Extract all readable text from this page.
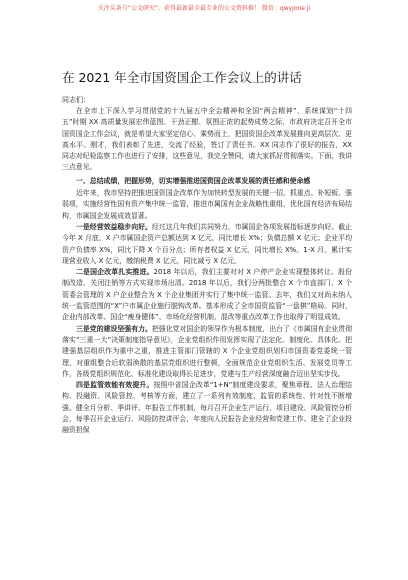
关注头条号“公文研究”，获得最新最全最专业的公文资料推！ 微信：qwyjone.ji
在 2021 年全市国资国企工作会议上的讲话
同志们：

在全市上下深入学习贯彻党的十九届五中全会精神和全国“两会精神”，系统谋划“十四五”时期 XX 高质量发展宏伟蓝图、干劲正酣、氛围正浓的起势成势之际，市政府决定召开全市国资国企工作会议，就是希望大家坚定信心、乘势而上，把国资国企改革发展推向更高层次、更高水平。刚才，我们表彰了先进，交流了经验，签订了责任书。XX 同志作了很好的报告，XX 同志对纪检监察工作也进行了安排，这些意见，我完全赞同，请大家抓好贯彻落实。下面，我讲三点意见。

一、总结成绩，把握形势，切实增强推进国资国企改革发展的责任感和使命感

近年来，我市坚持把推进国资国企改革作为加快转型发展的关键一招，抓重点、补短板、强弱项，实施经营性国有资产集中统一监管，推进市属国有企业战略性重组，优化国有经济布局结构，市属国企发展成效显著。

一是经营效益稳步向好。经过这几年我们共同努力，市属国企各项发展指标逐步向好。截止今年 X 月底，X 户市属国企资产总额达到 X 亿元，同比增长 X%；负债总额 X 亿元；企业平均资产负债率 X%，同比下降 X 个百分点；所有者权益 X 亿元，同比增长 X%。1-X 月，累计实现营业收入 X 亿元，缴纳税费 X 亿元，同比减亏 X 亿元。

二是国企改革扎实推进。2018 年以后，我们主要对对 X 户停产企业实现整体转让、股份制改造、关闭注销等方式实现市场出清。2018 年以后，我们分两批整合 X 个市直部门、X 个管委会管理的 X 户企业整合为 X 个企业集团并实行了集中统一监管。去年，我们又对尚未纳入统一监管范围的“X”户市属企业施行脱钩改革。基本形成了全市国资监管“一盘棋”格局。同时，企业内部改革、国企“瘦身健体”、市场化经营机制、混改等重点改革工作也取得了明显成效。

三是党的建设坚强有力。把强化党对国企的领导作为根本制度，出台了《市属国有企业贯彻落实“三重一大”决策制度指导意见》，企业党组织作用发挥实现了法定化、制度化、具体化。把建强基层组织作为重中之重，推进主管部门管辖的 X 个企业党组织划归市国资委党委统一管理，对重组整合后软弱涣散的基层党组织进行整顿，全面规范企业党组织生活、发展党员等工作，各级党组织规范化、标准化建设取得长足进步，党建与生产经营深度融合迈出坚实步伐。

四是监管效能有效提升。按照中省国企改革“1+N”制度建设要求，聚焦章程、法人治理结构、投融资、风险管控、考核等方面，建立了一系列有效制度，监管的系统性、针对性不断增强。健全月分析、季讲评、年报告工作机制，每月召开企业生产运行、项目建设、风险管控分析会，每季召开企业运行、风险防控讲评会，年度向人民报告企业经营和党建工作。建全了企业投融资担保
